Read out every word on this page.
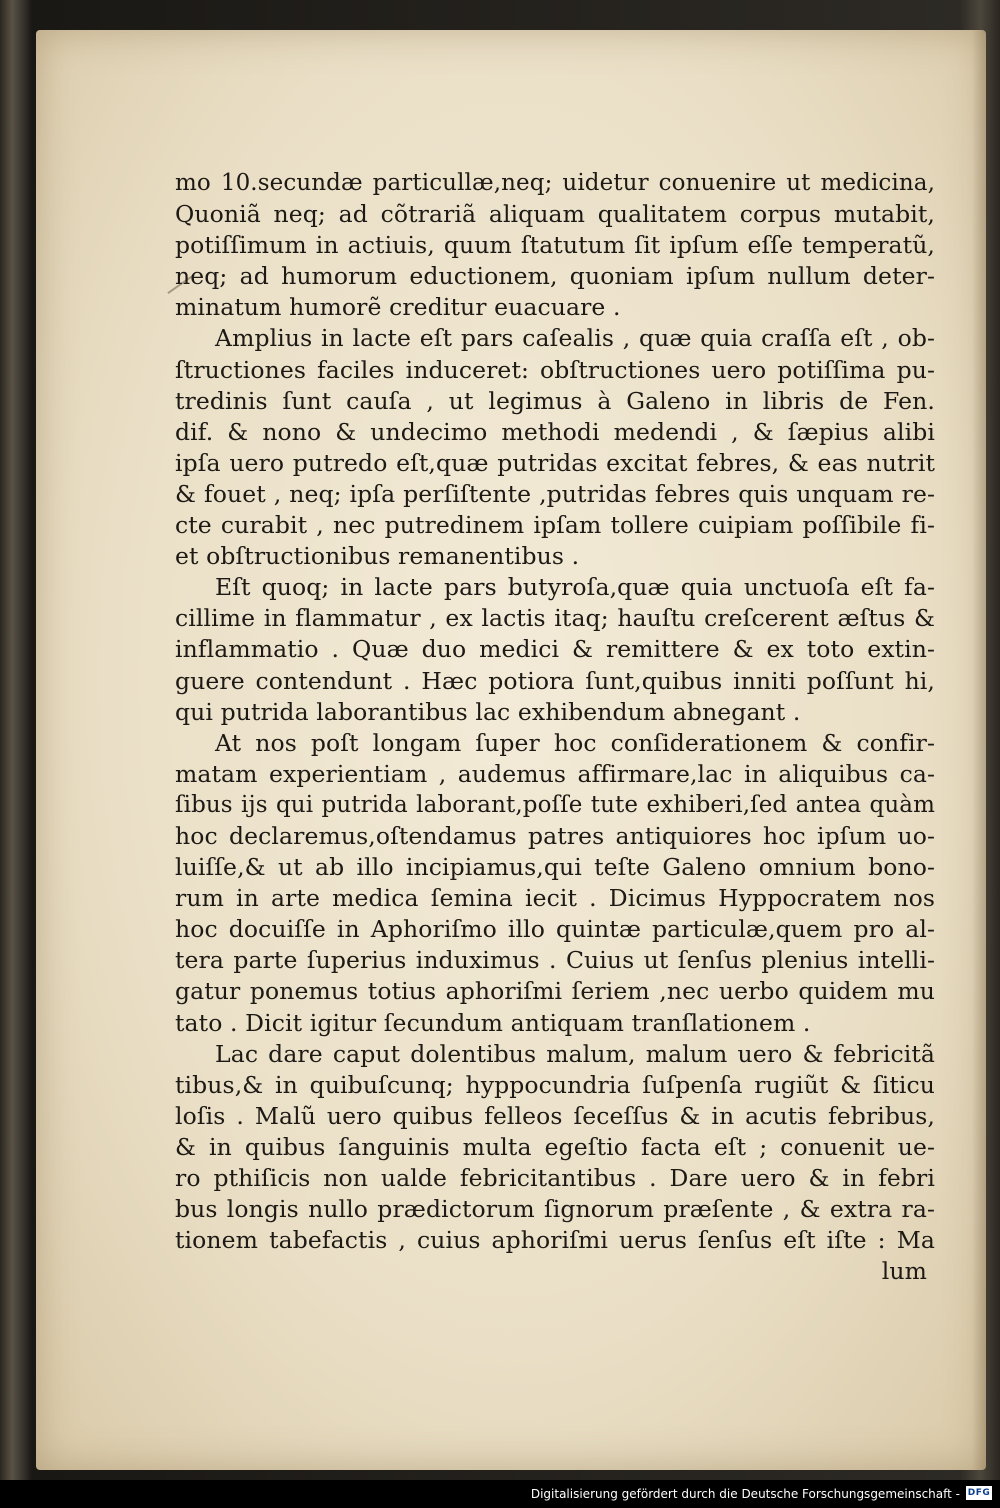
mo 10.secundæ particullæ,neq; uidetur conuenire ut medicina,
Quoniã neq; ad cõtrariã aliquam qualitatem corpus mutabit,
potiſſimum in actiuis, quum ſtatutum ſit ipſum eſſe temperatũ,
neq; ad humorum eductionem, quoniam ipſum nullum deter-
minatum humorẽ creditur euacuare .
Amplius in lacte eſt pars caſealis , quæ quia craſſa eſt , ob-
ſtructiones faciles induceret: obſtructiones uero potiſſima pu-
tredinis ſunt cauſa , ut legimus à Galeno in libris de Fen.
dif. & nono & undecimo methodi medendi , & ſæpius alibi
ipſa uero putredo eſt,quæ putridas excitat febres, & eas nutrit
& fouet , neq; ipſa perſiſtente ,putridas febres quis unquam re-
cte curabit , nec putredinem ipſam tollere cuipiam poſſibile fi-
et obſtructionibus remanentibus .
Eſt quoq; in lacte pars butyroſa,quæ quia unctuoſa eſt fa-
cillime in flammatur , ex lactis itaq; hauſtu creſcerent æſtus &
inflammatio . Quæ duo medici & remittere & ex toto extin-
guere contendunt . Hæc potiora ſunt,quibus inniti poſſunt hi,
qui putrida laborantibus lac exhibendum abnegant .
At nos poſt longam ſuper hoc conſiderationem & confir-
matam experientiam , audemus affirmare,lac in aliquibus ca-
ſibus ijs qui putrida laborant,poſſe tute exhiberi,ſed antea quàm
hoc declaremus,oſtendamus patres antiquiores hoc ipſum uo-
luiſſe,& ut ab illo incipiamus,qui teſte Galeno omnium bono-
rum in arte medica ſemina iecit . Dicimus Hyppocratem nos
hoc docuiſſe in Aphoriſmo illo quintæ particulæ,quem pro al-
tera parte ſuperius induximus . Cuius ut ſenſus plenius intelli-
gatur ponemus totius aphoriſmi ſeriem ,nec uerbo quidem mu
tato . Dicit igitur ſecundum antiquam tranſlationem .
Lac dare caput dolentibus malum, malum uero & febricitã
tibus,& in quibuſcunq; hyppocundria ſuſpenſa rugiũt & ſiticu
loſis . Malũ uero quibus felleos ſeceſſus & in acutis febribus,
& in quibus ſanguinis multa egeſtio facta eſt ; conuenit ue-
ro pthiſicis non ualde febricitantibus . Dare uero & in febri
bus longis nullo prædictorum ſignorum præſente , & extra ra-
tionem tabefactis , cuius aphoriſmi uerus ſenſus eſt iſte : Ma
lum
Digitalisierung gefördert durch die Deutsche Forschungsgemeinschaft - DFG
